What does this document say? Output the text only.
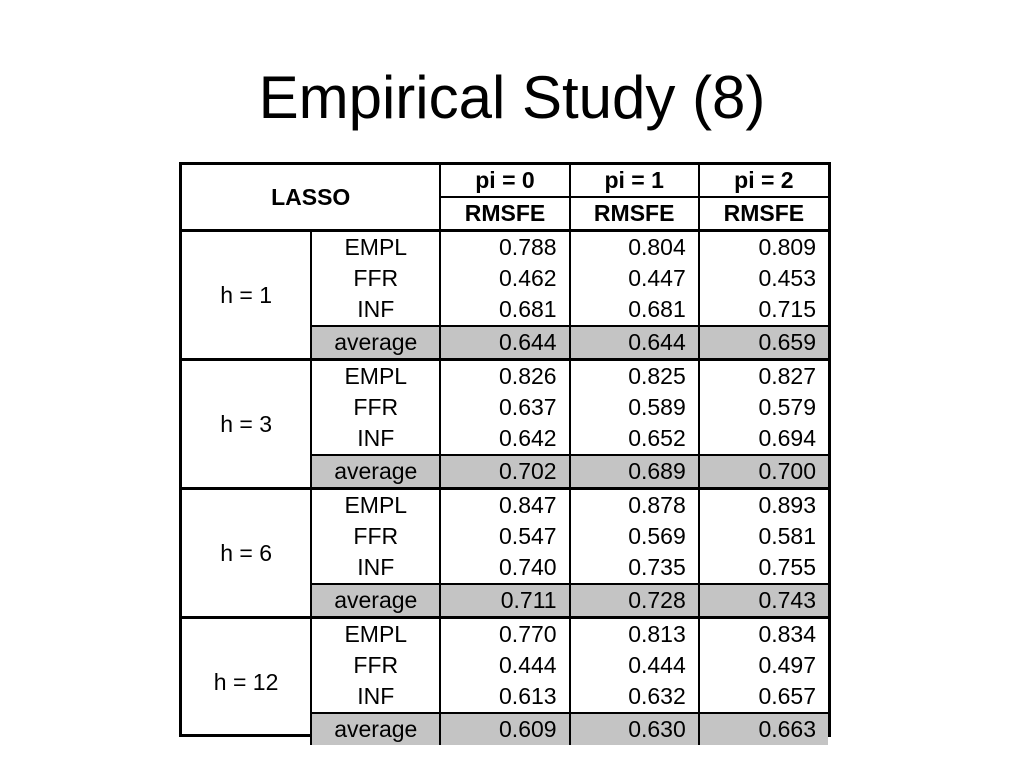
Empirical Study (8)
LASSO		pi = 0	pi = 1	pi = 2
		RMSFE	RMSFE	RMSFE
h = 1	EMPL	0.788	0.804	0.809
	FFR	0.462	0.447	0.453
	INF	0.681	0.681	0.715
	average	0.644	0.644	0.659
h = 3	EMPL	0.826	0.825	0.827
	FFR	0.637	0.589	0.579
	INF	0.642	0.652	0.694
	average	0.702	0.689	0.700
h = 6	EMPL	0.847	0.878	0.893
	FFR	0.547	0.569	0.581
	INF	0.740	0.735	0.755
	average	0.711	0.728	0.743
h = 12	EMPL	0.770	0.813	0.834
	FFR	0.444	0.444	0.497
	INF	0.613	0.632	0.657
	average	0.609	0.630	0.663
